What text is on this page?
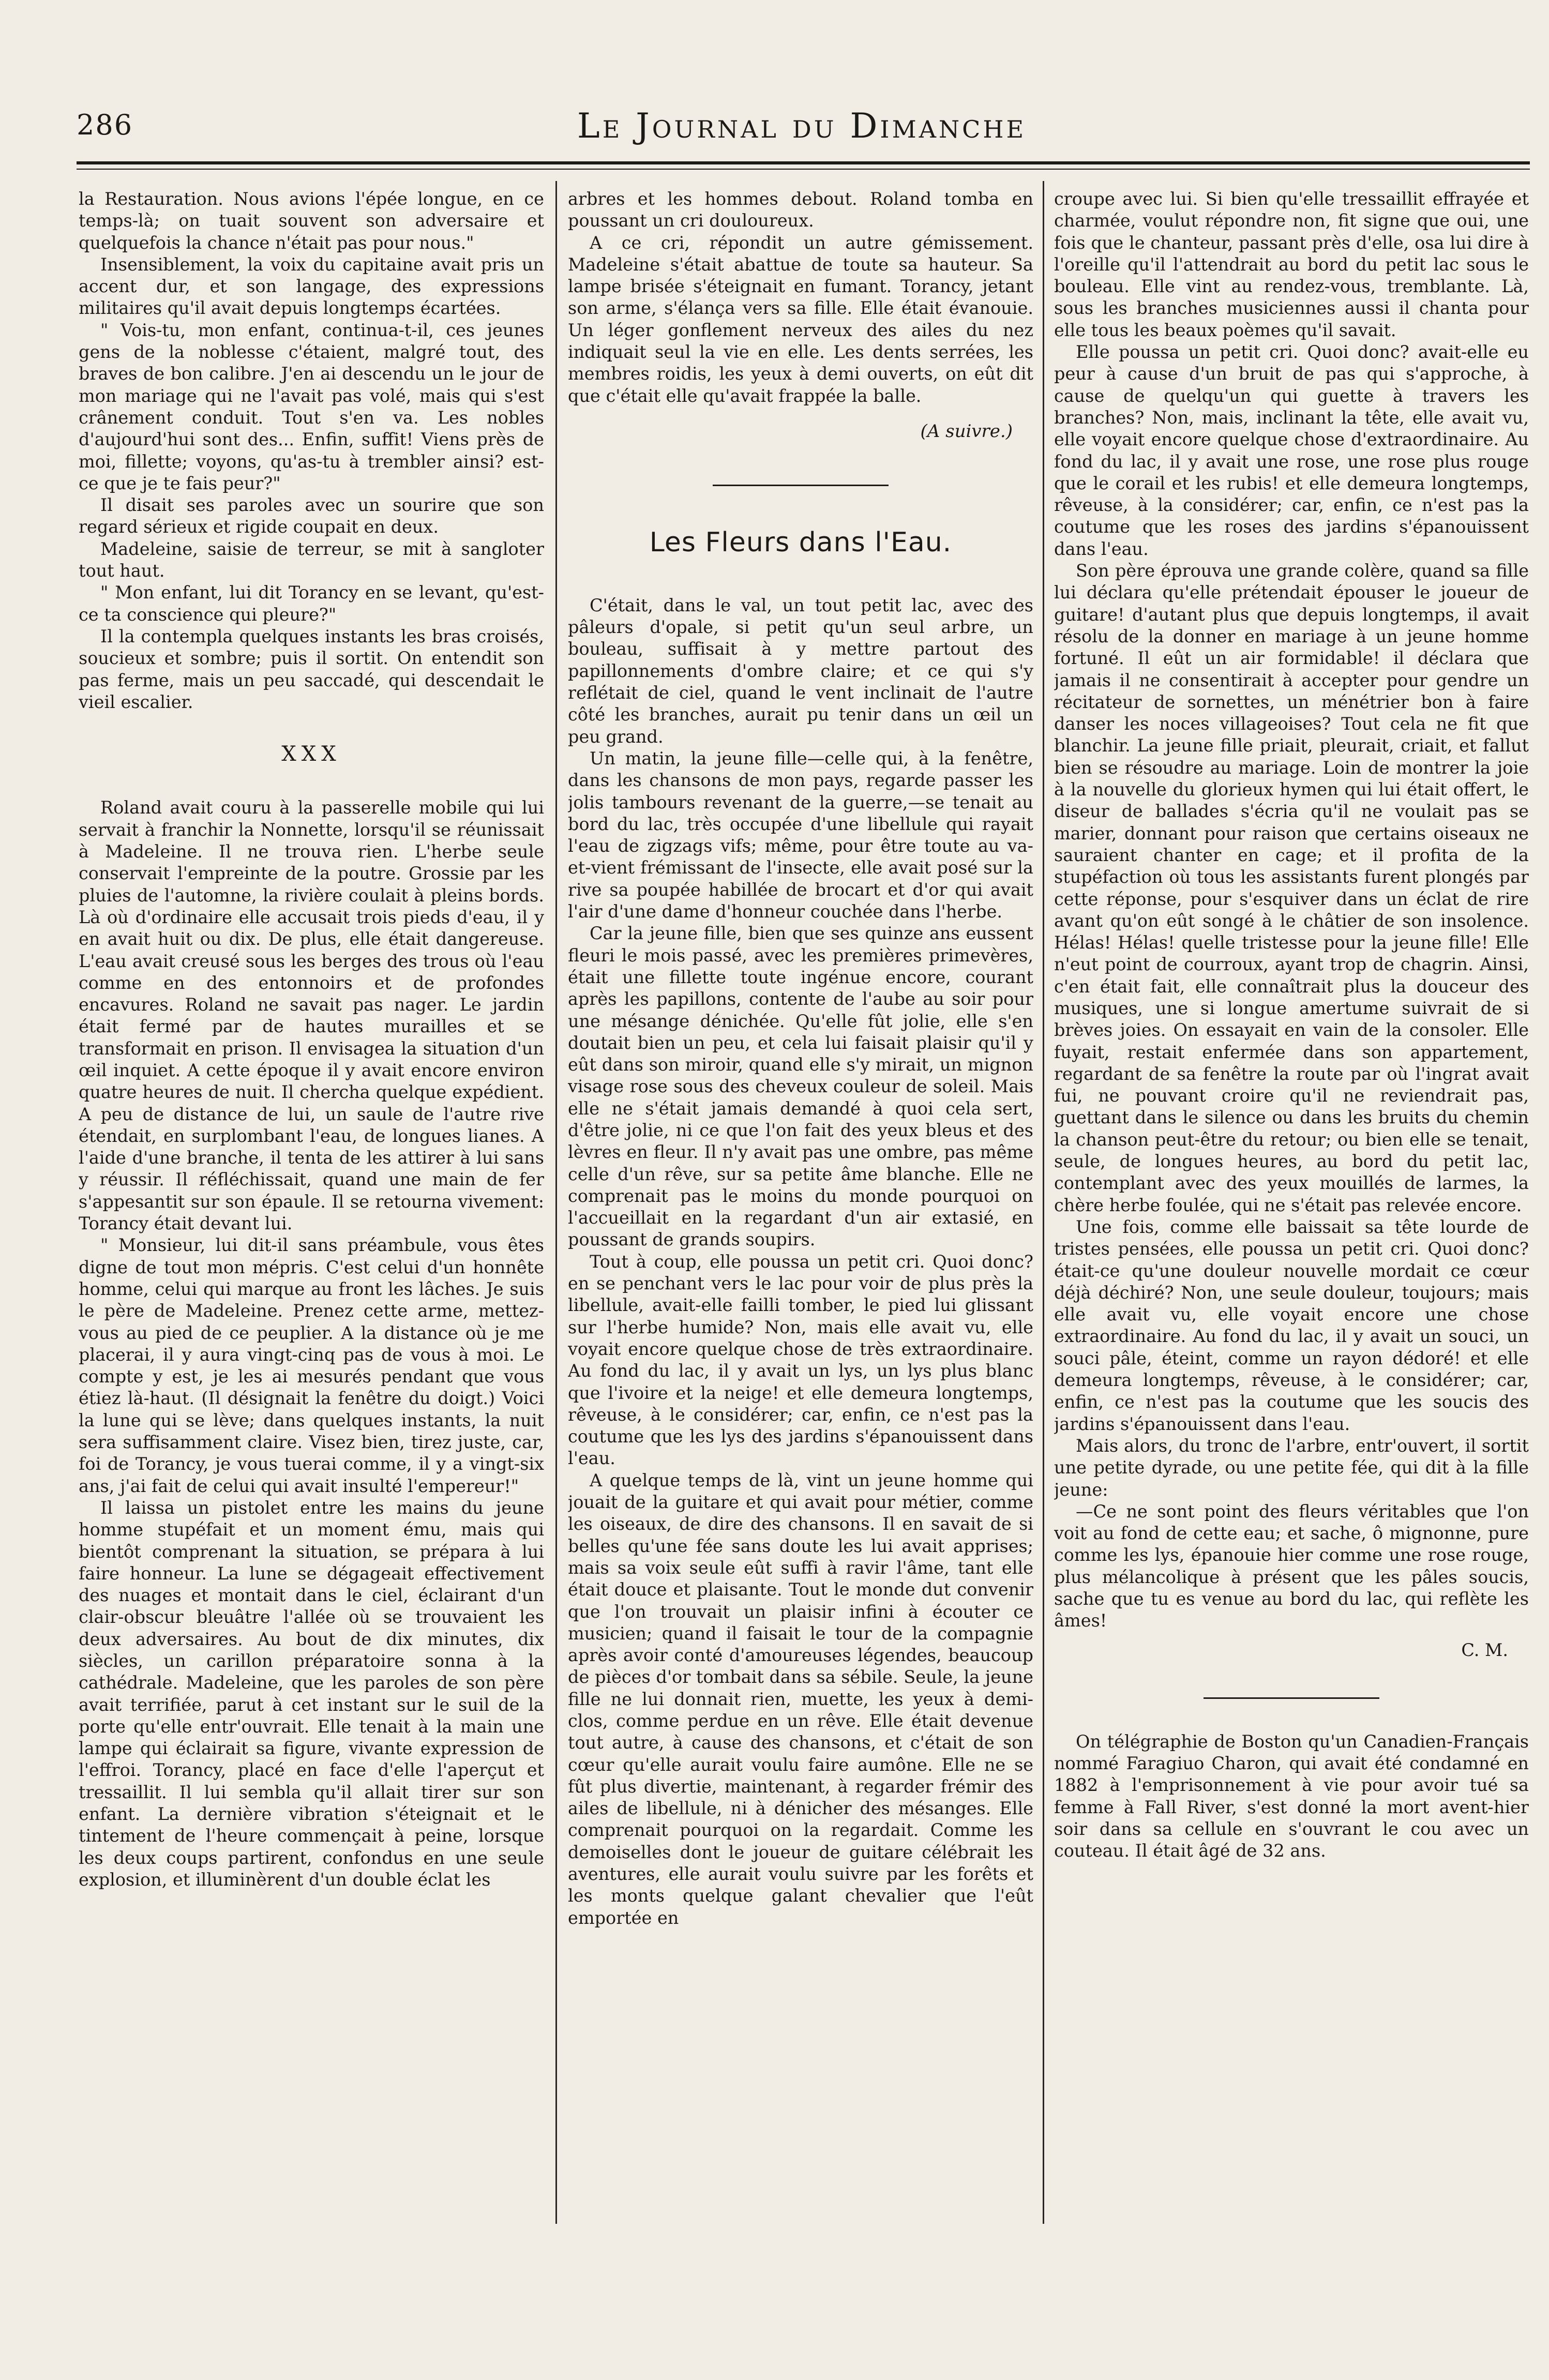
286	Le Journal du Dimanche

la Restauration. Nous avions l'épée longue, en ce temps-là; on tuait souvent son adversaire et quelquefois la chance n'était pas pour nous."

Insensiblement, la voix du capitaine avait pris un accent dur, et son langage, des expressions militaires qu'il avait depuis longtemps écartées.

" Vois-tu, mon enfant, continua-t-il, ces jeunes gens de la noblesse c'étaient, malgré tout, des braves de bon calibre. J'en ai descendu un le jour de mon mariage qui ne l'avait pas volé, mais qui s'est crânement conduit. Tout s'en va. Les nobles d'aujourd'hui sont des... Enfin, suffit! Viens près de moi, fillette; voyons, qu'as-tu à trembler ainsi? est-ce que je te fais peur?"

Il disait ses paroles avec un sourire que son regard sérieux et rigide coupait en deux.

Madeleine, saisie de terreur, se mit à sangloter tout haut.

" Mon enfant, lui dit Torancy en se levant, qu'est-ce ta conscience qui pleure?"

Il la contempla quelques instants les bras croisés, soucieux et sombre; puis il sortit. On entendit son pas ferme, mais un peu saccadé, qui descendait le vieil escalier.

XXX

Roland avait couru à la passerelle mobile qui lui servait à franchir la Nonnette, lorsqu'il se réunissait à Madeleine. Il ne trouva rien. L'herbe seule conservait l'empreinte de la poutre. Grossie par les pluies de l'automne, la rivière coulait à pleins bords. Là où d'ordinaire elle accusait trois pieds d'eau, il y en avait huit ou dix. De plus, elle était dangereuse. L'eau avait creusé sous les berges des trous où l'eau comme en des entonnoirs et de profondes encavures. Roland ne savait pas nager. Le jardin était fermé par de hautes murailles et se transformait en prison. Il envisagea la situation d'un œil inquiet. A cette époque il y avait encore environ quatre heures de nuit. Il chercha quelque expédient. A peu de distance de lui, un saule de l'autre rive étendait, en surplombant l'eau, de longues lianes. A l'aide d'une branche, il tenta de les attirer à lui sans y réussir. Il réfléchissait, quand une main de fer s'appesantit sur son épaule. Il se retourna vivement: Torancy était devant lui.

" Monsieur, lui dit-il sans préambule, vous êtes digne de tout mon mépris. C'est celui d'un honnête homme, celui qui marque au front les lâches. Je suis le père de Madeleine. Prenez cette arme, mettez-vous au pied de ce peuplier. A la distance où je me placerai, il y aura vingt-cinq pas de vous à moi. Le compte y est, je les ai mesurés pendant que vous étiez là-haut. (Il désignait la fenêtre du doigt.) Voici la lune qui se lève; dans quelques instants, la nuit sera suffisamment claire. Visez bien, tirez juste, car, foi de Torancy, je vous tuerai comme, il y a vingt-six ans, j'ai fait de celui qui avait insulté l'empereur!"

Il laissa un pistolet entre les mains du jeune homme stupéfait et un moment ému, mais qui bientôt comprenant la situation, se prépara à lui faire honneur. La lune se dégageait effectivement des nuages et montait dans le ciel, éclairant d'un clair-obscur bleuâtre l'allée où se trouvaient les deux adversaires. Au bout de dix minutes, dix siècles, un carillon préparatoire sonna à la cathédrale. Madeleine, que les paroles de son père avait terrifiée, parut à cet instant sur le suil de la porte qu'elle entr'ouvrait. Elle tenait à la main une lampe qui éclairait sa figure, vivante expression de l'effroi. Torancy, placé en face d'elle l'aperçut et tressaillit. Il lui sembla qu'il allait tirer sur son enfant. La dernière vibration s'éteignait et le tintement de l'heure commençait à peine, lorsque les deux coups partirent, confondus en une seule explosion, et illuminèrent d'un double éclat les

arbres et les hommes debout. Roland tomba en poussant un cri douloureux.

A ce cri, répondit un autre gémissement. Madeleine s'était abattue de toute sa hauteur. Sa lampe brisée s'éteignait en fumant. Torancy, jetant son arme, s'élança vers sa fille. Elle était évanouie. Un léger gonflement nerveux des ailes du nez indiquait seul la vie en elle. Les dents serrées, les membres roidis, les yeux à demi ouverts, on eût dit que c'était elle qu'avait frappée la balle.

(A suivre.)
Les Fleurs dans l'Eau.

C'était, dans le val, un tout petit lac, avec des pâleurs d'opale, si petit qu'un seul arbre, un bouleau, suffisait à y mettre partout des papillonnements d'ombre claire; et ce qui s'y reflétait de ciel, quand le vent inclinait de l'autre côté les branches, aurait pu tenir dans un œil un peu grand.

Un matin, la jeune fille—celle qui, à la fenêtre, dans les chansons de mon pays, regarde passer les jolis tambours revenant de la guerre,—se tenait au bord du lac, très occupée d'une libellule qui rayait l'eau de zigzags vifs; même, pour être toute au va-et-vient frémissant de l'insecte, elle avait posé sur la rive sa poupée habillée de brocart et d'or qui avait l'air d'une dame d'honneur couchée dans l'herbe.

Car la jeune fille, bien que ses quinze ans eussent fleuri le mois passé, avec les premières primevères, était une fillette toute ingénue encore, courant après les papillons, contente de l'aube au soir pour une mésange dénichée. Qu'elle fût jolie, elle s'en doutait bien un peu, et cela lui faisait plaisir qu'il y eût dans son miroir, quand elle s'y mirait, un mignon visage rose sous des cheveux couleur de soleil. Mais elle ne s'était jamais demandé à quoi cela sert, d'être jolie, ni ce que l'on fait des yeux bleus et des lèvres en fleur. Il n'y avait pas une ombre, pas même celle d'un rêve, sur sa petite âme blanche. Elle ne comprenait pas le moins du monde pourquoi on l'accueillait en la regardant d'un air extasié, en poussant de grands soupirs.

Tout à coup, elle poussa un petit cri. Quoi donc? en se penchant vers le lac pour voir de plus près la libellule, avait-elle failli tomber, le pied lui glissant sur l'herbe humide? Non, mais elle avait vu, elle voyait encore quelque chose de très extraordinaire. Au fond du lac, il y avait un lys, un lys plus blanc que l'ivoire et la neige! et elle demeura longtemps, rêveuse, à le considérer; car, enfin, ce n'est pas la coutume que les lys des jardins s'épanouissent dans l'eau.

A quelque temps de là, vint un jeune homme qui jouait de la guitare et qui avait pour métier, comme les oiseaux, de dire des chansons. Il en savait de si belles qu'une fée sans doute les lui avait apprises; mais sa voix seule eût suffi à ravir l'âme, tant elle était douce et plaisante. Tout le monde dut convenir que l'on trouvait un plaisir infini à écouter ce musicien; quand il faisait le tour de la compagnie après avoir conté d'amoureuses légendes, beaucoup de pièces d'or tombait dans sa sébile. Seule, la jeune fille ne lui donnait rien, muette, les yeux à demi-clos, comme perdue en un rêve. Elle était devenue tout autre, à cause des chansons, et c'était de son cœur qu'elle aurait voulu faire aumône. Elle ne se fût plus divertie, maintenant, à regarder frémir des ailes de libellule, ni à dénicher des mésanges. Elle comprenait pourquoi on la regardait. Comme les demoiselles dont le joueur de guitare célébrait les aventures, elle aurait voulu suivre par les forêts et les monts quelque galant chevalier que l'eût emportée en

croupe avec lui. Si bien qu'elle tressaillit effrayée et charmée, voulut répondre non, fit signe que oui, une fois que le chanteur, passant près d'elle, osa lui dire à l'oreille qu'il l'attendrait au bord du petit lac sous le bouleau. Elle vint au rendez-vous, tremblante. Là, sous les branches musiciennes aussi il chanta pour elle tous les beaux poèmes qu'il savait.

Elle poussa un petit cri. Quoi donc? avait-elle eu peur à cause d'un bruit de pas qui s'approche, à cause de quelqu'un qui guette à travers les branches? Non, mais, inclinant la tête, elle avait vu, elle voyait encore quelque chose d'extraordinaire. Au fond du lac, il y avait une rose, une rose plus rouge que le corail et les rubis! et elle demeura longtemps, rêveuse, à la considérer; car, enfin, ce n'est pas la coutume que les roses des jardins s'épanouissent dans l'eau.

Son père éprouva une grande colère, quand sa fille lui déclara qu'elle prétendait épouser le joueur de guitare! d'autant plus que depuis longtemps, il avait résolu de la donner en mariage à un jeune homme fortuné. Il eût un air formidable! il déclara que jamais il ne consentirait à accepter pour gendre un récitateur de sornettes, un ménétrier bon à faire danser les noces villageoises? Tout cela ne fit que blanchir. La jeune fille priait, pleurait, criait, et fallut bien se résoudre au mariage. Loin de montrer la joie à la nouvelle du glorieux hymen qui lui était offert, le diseur de ballades s'écria qu'il ne voulait pas se marier, donnant pour raison que certains oiseaux ne sauraient chanter en cage; et il profita de la stupéfaction où tous les assistants furent plongés par cette réponse, pour s'esquiver dans un éclat de rire avant qu'on eût songé à le châtier de son insolence. Hélas! Hélas! quelle tristesse pour la jeune fille! Elle n'eut point de courroux, ayant trop de chagrin. Ainsi, c'en était fait, elle connaîtrait plus la douceur des musiques, une si longue amertume suivrait de si brèves joies. On essayait en vain de la consoler. Elle fuyait, restait enfermée dans son appartement, regardant de sa fenêtre la route par où l'ingrat avait fui, ne pouvant croire qu'il ne reviendrait pas, guettant dans le silence ou dans les bruits du chemin la chanson peut-être du retour; ou bien elle se tenait, seule, de longues heures, au bord du petit lac, contemplant avec des yeux mouillés de larmes, la chère herbe foulée, qui ne s'était pas relevée encore.

Une fois, comme elle baissait sa tête lourde de tristes pensées, elle poussa un petit cri. Quoi donc? était-ce qu'une douleur nouvelle mordait ce cœur déjà déchiré? Non, une seule douleur, toujours; mais elle avait vu, elle voyait encore une chose extraordinaire. Au fond du lac, il y avait un souci, un souci pâle, éteint, comme un rayon dédoré! et elle demeura longtemps, rêveuse, à le considérer; car, enfin, ce n'est pas la coutume que les soucis des jardins s'épanouissent dans l'eau.

Mais alors, du tronc de l'arbre, entr'ouvert, il sortit une petite dyrade, ou une petite fée, qui dit à la fille jeune:

—Ce ne sont point des fleurs véritables que l'on voit au fond de cette eau; et sache, ô mignonne, pure comme les lys, épanouie hier comme une rose rouge, plus mélancolique à présent que les pâles soucis, sache que tu es venue au bord du lac, qui reflète les âmes!

C. M.

On télégraphie de Boston qu'un Canadien-Français nommé Faragiuo Charon, qui avait été condamné en 1882 à l'emprisonnement à vie pour avoir tué sa femme à Fall River, s'est donné la mort avent-hier soir dans sa cellule en s'ouvrant le cou avec un couteau. Il était âgé de 32 ans.
